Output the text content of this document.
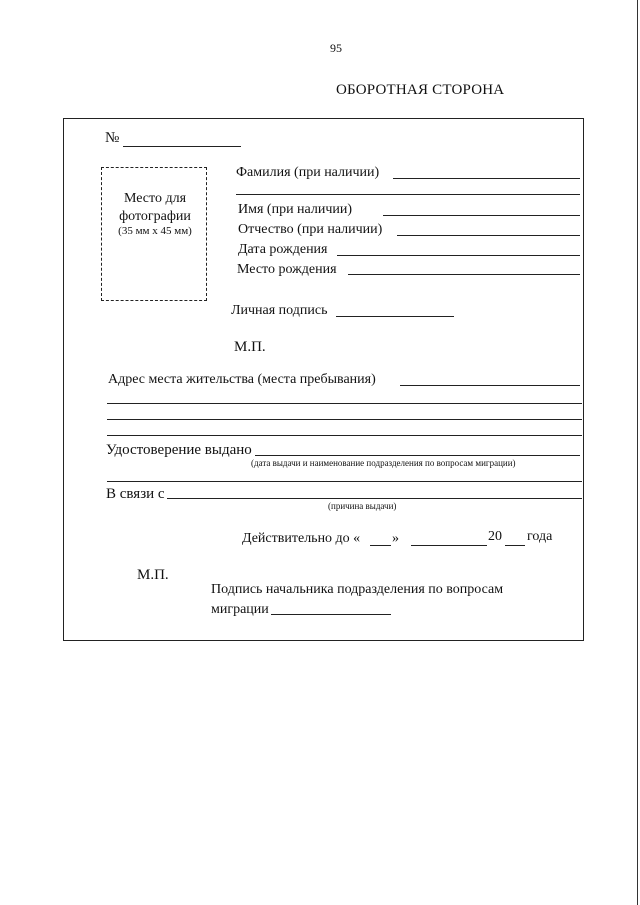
95
ОБОРОТНАЯ СТОРОНА
№
Место для
фотографии
(35 мм х 45 мм)
Фамилия (при наличии)
Имя (при наличии)
Отчество (при наличии)
Дата рождения
Место рождения
Личная подпись
М.П.
Адрес места жительства (места пребывания)
Удостоверение выдано
(дата выдачи и наименование подразделения по вопросам миграции)
В связи с
(причина выдачи)
Действительно до « »	20 года
М.П.
Подпись начальника подразделения по вопросам
миграции
